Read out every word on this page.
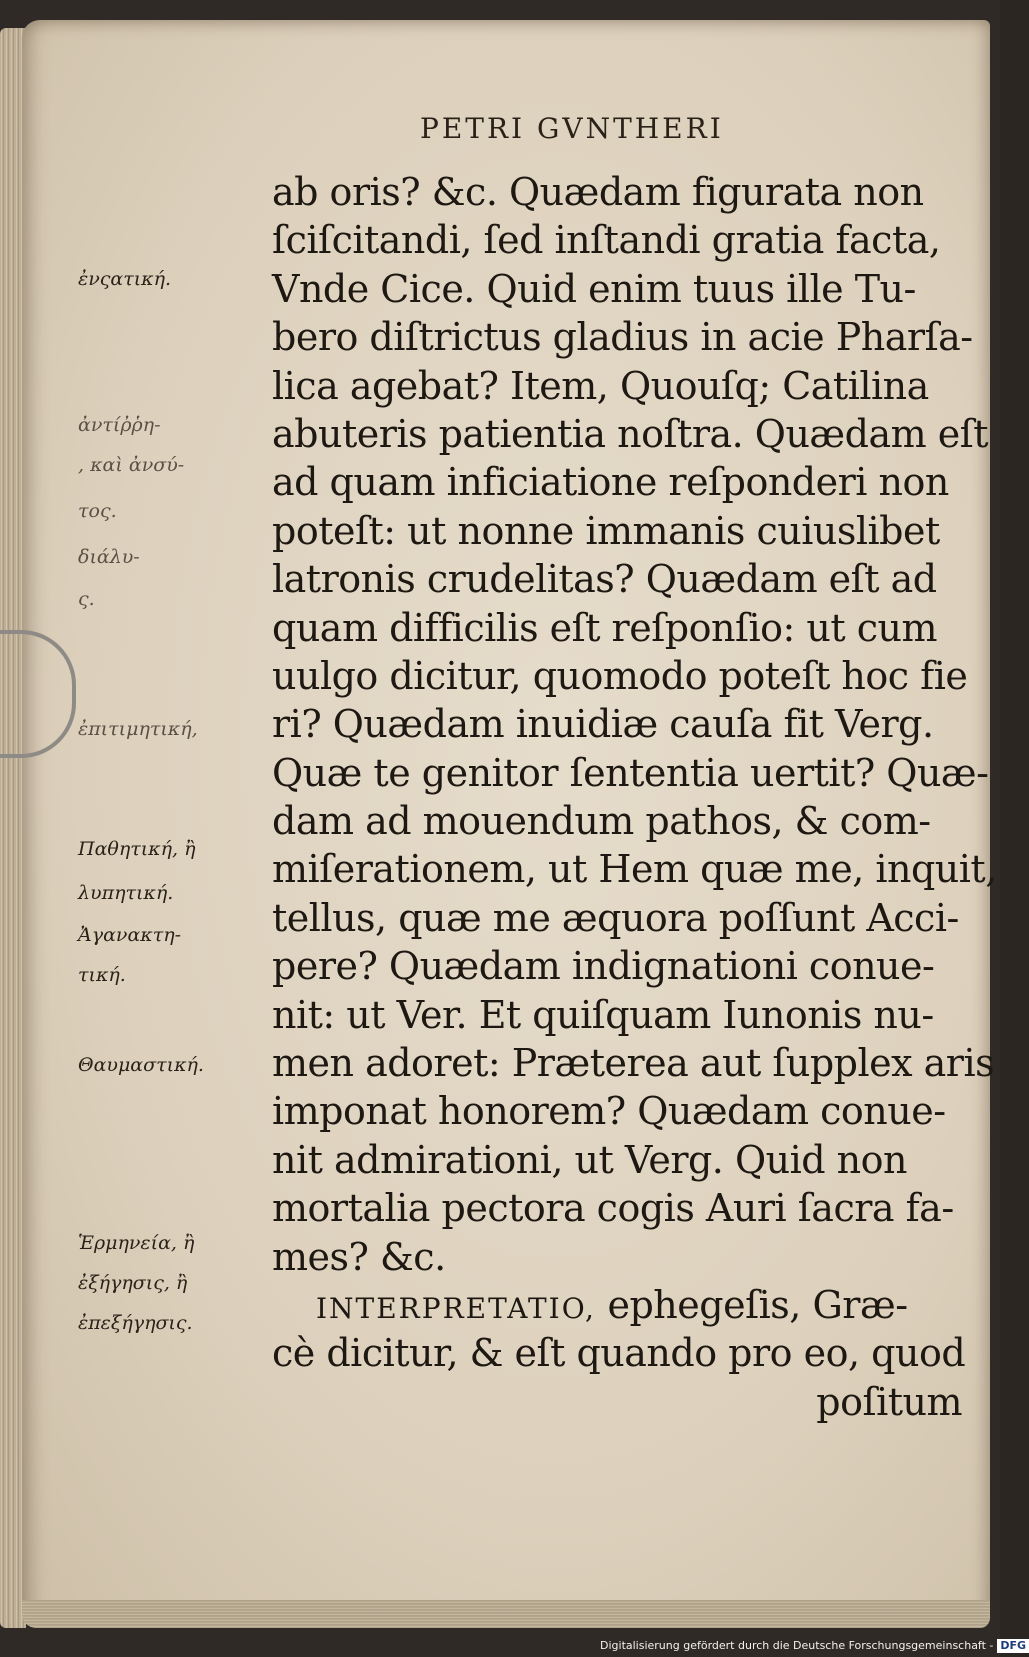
PETRI GVNTHERI
ab oris? &c. Quædam figurata non
ſciſcitandi, ſed inſtandi gratia facta,
Vnde Cice. Quid enim tuus ille Tu-
bero diſtrictus gladius in acie Pharſa-
lica agebat? Item, Quouſq; Catilina
abuteris patientia noſtra. Quædam eſt
ad quam inficiatione reſponderi non
poteſt: ut nonne immanis cuiuslibet
latronis crudelitas? Quædam eſt ad
quam difficilis eſt reſponſio: ut cum
uulgo dicitur, quomodo poteſt hoc fie
ri? Quædam inuidiæ cauſa fit Verg.
Quæ te genitor ſententia uertit? Quæ-
dam ad mouendum pathos, & com-
miſerationem, ut Hem quæ me, inquit,
tellus, quæ me æquora poſſunt Acci-
pere? Quædam indignationi conue-
nit: ut Ver. Et quiſquam Iunonis nu-
men adoret: Præterea aut ſupplex aris
imponat honorem? Quædam conue-
nit admirationi, ut Verg. Quid non
mortalia pectora cogis Auri ſacra fa-
mes? &c.
INTERPRETATIO, ephegeſis, Græ-
cè dicitur, & eſt quando pro eo, quod
poſitum
ἐνςατική.
ἀντίῤῥη-
, καὶ ἀνσύ-
τος.
διάλυ-
ς.
ἐπιτιμητική,
Παθητική, ἢ
λυπητική.
Ἀγανακτη-
τική.
Θαυμαστική.
Ἑρμηνεία, ἢ
ἐξήγησις, ἢ
ἐπεξήγησις.
Digitalisierung gefördert durch die Deutsche Forschungsgemeinschaft - DFG
